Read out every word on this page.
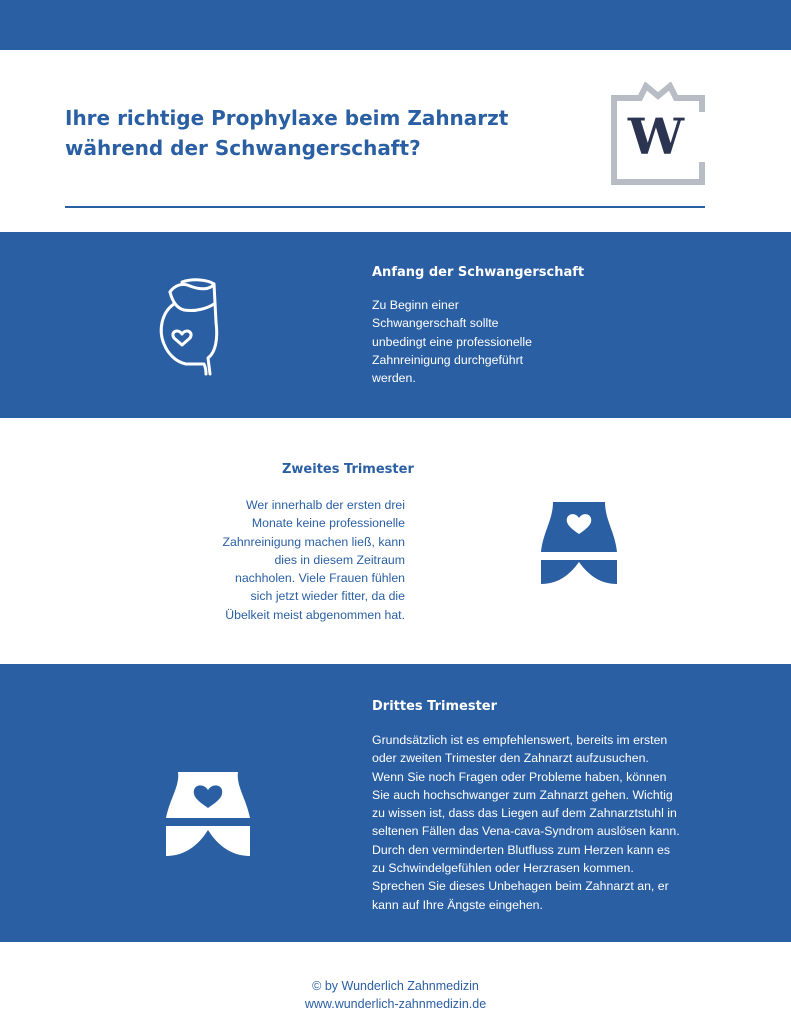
Ihre richtige Prophylaxe beim Zahnarzt während der Schwangerschaft?	W
Anfang der Schwangerschaft

Zu Beginn einer
Schwangerschaft sollte
unbedingt eine professionelle
Zahnreinigung durchgeführt
werden.

Zweites Trimester

Wer innerhalb der ersten drei
Monate keine professionelle
Zahnreinigung machen ließ, kann
dies in diesem Zeitraum
nachholen. Viele Frauen fühlen
sich jetzt wieder fitter, da die
Übelkeit meist abgenommen hat.

Drittes Trimester

Grundsätzlich ist es empfehlenswert, bereits im ersten
oder zweiten Trimester den Zahnarzt aufzusuchen.
Wenn Sie noch Fragen oder Probleme haben, können
Sie auch hochschwanger zum Zahnarzt gehen. Wichtig
zu wissen ist, dass das Liegen auf dem Zahnarztstuhl in
seltenen Fällen das Vena-cava-Syndrom auslösen kann.
Durch den verminderten Blutfluss zum Herzen kann es
zu Schwindelgefühlen oder Herzrasen kommen.
Sprechen Sie dieses Unbehagen beim Zahnarzt an, er
kann auf Ihre Ängste eingehen.

© by Wunderlich Zahnmedizin
www.wunderlich-zahnmedizin.de
